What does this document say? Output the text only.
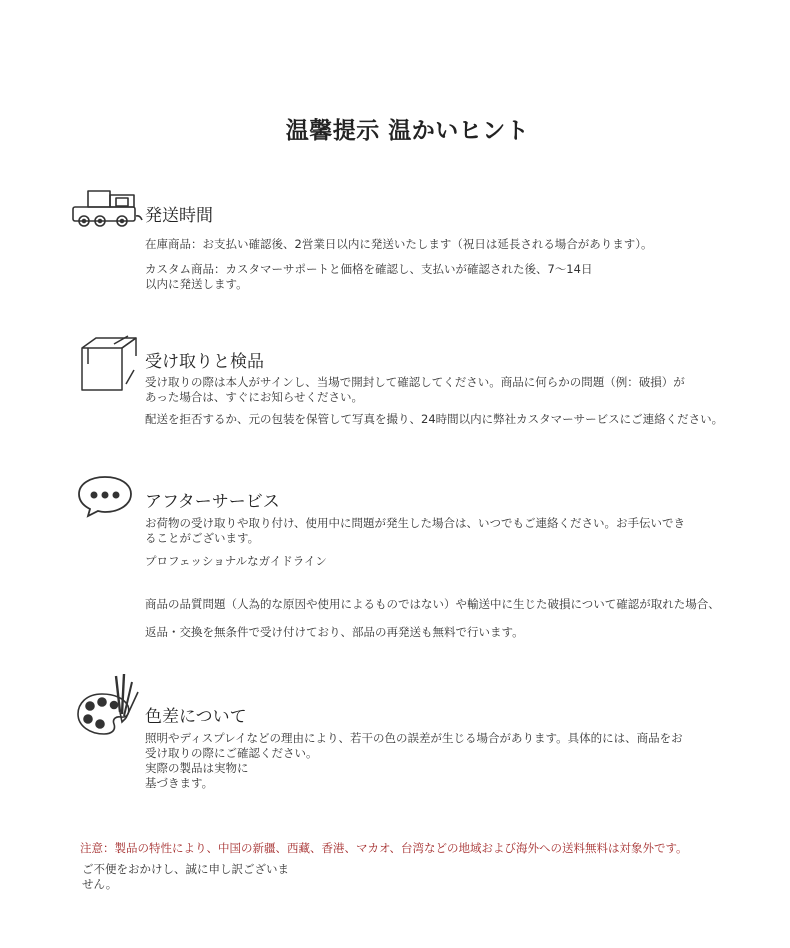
温馨提示 温かいヒント
発送時間
在庫商品：お支払い確認後、2営業日以内に発送いたします（祝日は延長される場合があります）。
カスタム商品：カスタマーサポートと価格を確認し、支払いが確認された後、7〜14日
以内に発送します。
受け取りと検品
受け取りの際は本人がサインし、当場で開封して確認してください。商品に何らかの問題（例：破損）が
あった場合は、すぐにお知らせください。
配送を拒否するか、元の包装を保管して写真を撮り、24時間以内に弊社カスタマーサービスにご連絡ください。
アフターサービス
お荷物の受け取りや取り付け、使用中に問題が発生した場合は、いつでもご連絡ください。お手伝いでき
ることがございます。
プロフェッショナルなガイドライン
商品の品質問題（人為的な原因や使用によるものではない）や輸送中に生じた破損について確認が取れた場合、
返品・交換を無条件で受け付けており、部品の再発送も無料で行います。
色差について
照明やディスプレイなどの理由により、若干の色の誤差が生じる場合があります。具体的には、商品をお
受け取りの際にご確認ください。
実際の製品は実物に
基づきます。
注意：製品の特性により、中国の新疆、西藏、香港、マカオ、台湾などの地域および海外への送料無料は対象外です。
ご不便をおかけし、誠に申し訳ございません。
